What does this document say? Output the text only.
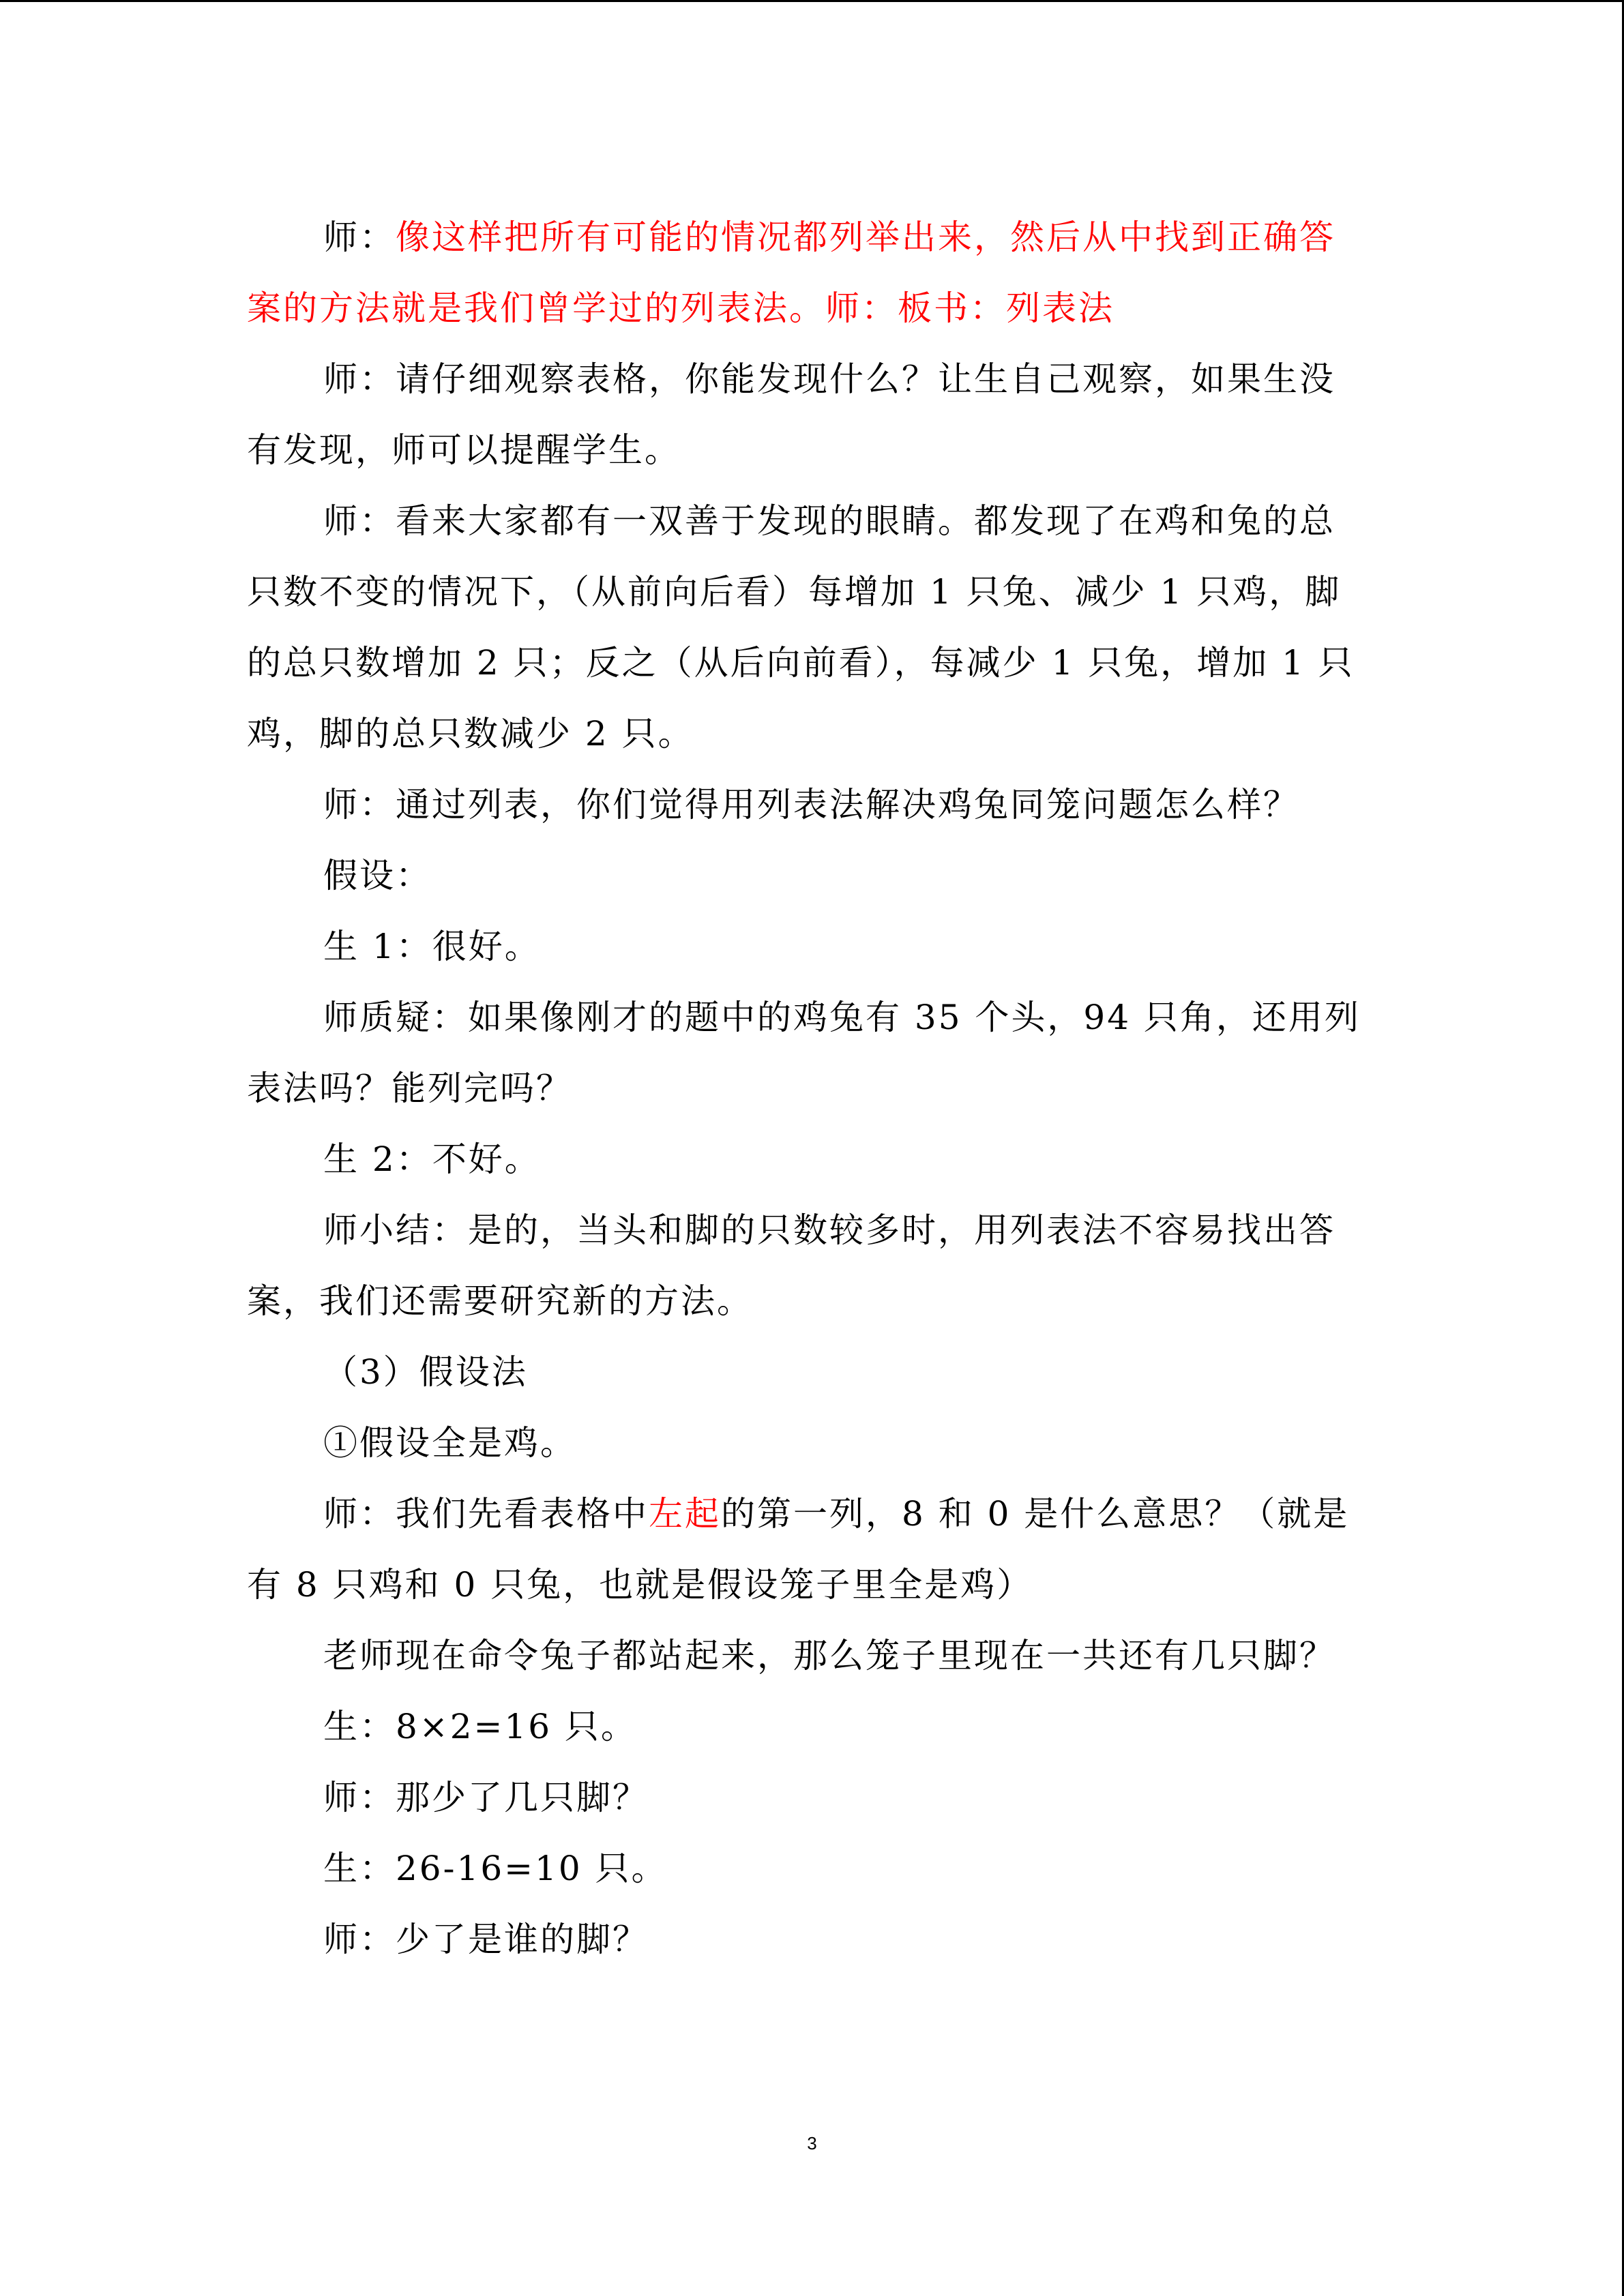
师：像这样把所有可能的情况都列举出来，然后从中找到正确答案的方法就是我们曾学过的列表法。师：板书：列表法

师：请仔细观察表格，你能发现什么？让生自己观察，如果生没有发现，师可以提醒学生。

师：看来大家都有一双善于发现的眼睛。都发现了在鸡和兔的总只数不变的情况下，（从前向后看）每增加 1 只兔、减少 1 只鸡，脚的总只数增加 2 只；反之（从后向前看），每减少 1 只兔，增加 1 只鸡，脚的总只数减少 2 只。

师：通过列表，你们觉得用列表法解决鸡兔同笼问题怎么样？

假设：

生 1：很好。

师质疑：如果像刚才的题中的鸡兔有 35 个头，94 只角，还用列表法吗？能列完吗？

生 2：不好。

师小结：是的，当头和脚的只数较多时，用列表法不容易找出答案，我们还需要研究新的方法。

（3）假设法

①假设全是鸡。

师：我们先看表格中左起的第一列，8 和 0 是什么意思？（就是有 8 只鸡和 0 只兔，也就是假设笼子里全是鸡）

老师现在命令兔子都站起来，那么笼子里现在一共还有几只脚？

生：8×2=16 只。

师：那少了几只脚？

生：26-16=10 只。

师：少了是谁的脚？

3
